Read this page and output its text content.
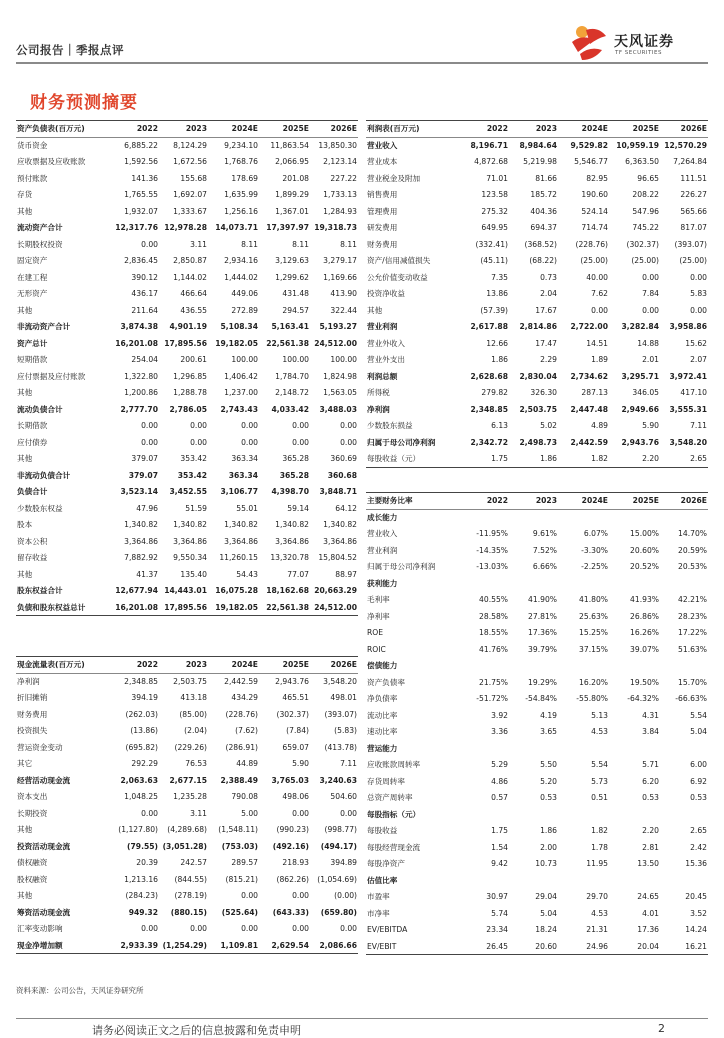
公司报告｜季报点评	天风证券
TF SECURITIES
财务预测摘要
资产负债表(百万元)	2022	2023	2024E	2025E	2026E
货币资金	6,885.22	8,124.29	9,234.10	11,863.54	13,850.30
应收票据及应收账款	1,592.56	1,672.56	1,768.76	2,066.95	2,123.14
预付账款	141.36	155.68	178.69	201.08	227.22
存货	1,765.55	1,692.07	1,635.99	1,899.29	1,733.13
其他	1,932.07	1,333.67	1,256.16	1,367.01	1,284.93
流动资产合计	12,317.76	12,978.28	14,073.71	17,397.97	19,318.73
长期股权投资	0.00	3.11	8.11	8.11	8.11
固定资产	2,836.45	2,850.87	2,934.16	3,129.63	3,279.17
在建工程	390.12	1,144.02	1,444.02	1,299.62	1,169.66
无形资产	436.17	466.64	449.06	431.48	413.90
其他	211.64	436.55	272.89	294.57	322.44
非流动资产合计	3,874.38	4,901.19	5,108.34	5,163.41	5,193.27
资产总计	16,201.08	17,895.56	19,182.05	22,561.38	24,512.00
短期借款	254.04	200.61	100.00	100.00	100.00
应付票据及应付账款	1,322.80	1,296.85	1,406.42	1,784.70	1,824.98
其他	1,200.86	1,288.78	1,237.00	2,148.72	1,563.05
流动负债合计	2,777.70	2,786.05	2,743.43	4,033.42	3,488.03
长期借款	0.00	0.00	0.00	0.00	0.00
应付债券	0.00	0.00	0.00	0.00	0.00
其他	379.07	353.42	363.34	365.28	360.69
非流动负债合计	379.07	353.42	363.34	365.28	360.68
负债合计	3,523.14	3,452.55	3,106.77	4,398.70	3,848.71
少数股东权益	47.96	51.59	55.01	59.14	64.12
股本	1,340.82	1,340.82	1,340.82	1,340.82	1,340.82
资本公积	3,364.86	3,364.86	3,364.86	3,364.86	3,364.86
留存收益	7,882.92	9,550.34	11,260.15	13,320.78	15,804.52
其他	41.37	135.40	54.43	77.07	88.97
股东权益合计	12,677.94	14,443.01	16,075.28	18,162.68	20,663.29
负债和股东权益总计	16,201.08	17,895.56	19,182.05	22,561.38	24,512.00
利润表(百万元)	2022	2023	2024E	2025E	2026E
营业收入	8,196.71	8,984.64	9,529.82	10,959.19	12,570.29
营业成本	4,872.68	5,219.98	5,546.77	6,363.50	7,264.84
营业税金及附加	71.01	81.66	82.95	96.65	111.51
销售费用	123.58	185.72	190.60	208.22	226.27
管理费用	275.32	404.36	524.14	547.96	565.66
研发费用	649.95	694.37	714.74	745.22	817.07
财务费用	(332.41)	(368.52)	(228.76)	(302.37)	(393.07)
资产/信用减值损失	(45.11)	(68.22)	(25.00)	(25.00)	(25.00)
公允价值变动收益	7.35	0.73	40.00	0.00	0.00
投资净收益	13.86	2.04	7.62	7.84	5.83
其他	(57.39)	17.67	0.00	0.00	0.00
营业利润	2,617.88	2,814.86	2,722.00	3,282.84	3,958.86
营业外收入	12.66	17.47	14.51	14.88	15.62
营业外支出	1.86	2.29	1.89	2.01	2.07
利润总额	2,628.68	2,830.04	2,734.62	3,295.71	3,972.41
所得税	279.82	326.30	287.13	346.05	417.10
净利润	2,348.85	2,503.75	2,447.48	2,949.66	3,555.31
少数股东损益	6.13	5.02	4.89	5.90	7.11
归属于母公司净利润	2,342.72	2,498.73	2,442.59	2,943.76	3,548.20
每股收益（元）	1.75	1.86	1.82	2.20	2.65
主要财务比率	2022	2023	2024E	2025E	2026E
成长能力					
营业收入	-11.95%	9.61%	6.07%	15.00%	14.70%
营业利润	-14.35%	7.52%	-3.30%	20.60%	20.59%
归属于母公司净利润	-13.03%	6.66%	-2.25%	20.52%	20.53%
获利能力					
毛利率	40.55%	41.90%	41.80%	41.93%	42.21%
净利率	28.58%	27.81%	25.63%	26.86%	28.23%
ROE	18.55%	17.36%	15.25%	16.26%	17.22%
ROIC	41.76%	39.79%	37.15%	39.07%	51.63%
偿债能力					
资产负债率	21.75%	19.29%	16.20%	19.50%	15.70%
净负债率	-51.72%	-54.84%	-55.80%	-64.32%	-66.63%
流动比率	3.92	4.19	5.13	4.31	5.54
速动比率	3.36	3.65	4.53	3.84	5.04
营运能力					
应收账款周转率	5.29	5.50	5.54	5.71	6.00
存货周转率	4.86	5.20	5.73	6.20	6.92
总资产周转率	0.57	0.53	0.51	0.53	0.53
每股指标（元）					
每股收益	1.75	1.86	1.82	2.20	2.65
每股经营现金流	1.54	2.00	1.78	2.81	2.42
每股净资产	9.42	10.73	11.95	13.50	15.36
估值比率					
市盈率	30.97	29.04	29.70	24.65	20.45
市净率	5.74	5.04	4.53	4.01	3.52
EV/EBITDA	23.34	18.24	21.31	17.36	14.24
EV/EBIT	26.45	20.60	24.96	20.04	16.21
现金流量表(百万元)	2022	2023	2024E	2025E	2026E
净利润	2,348.85	2,503.75	2,442.59	2,943.76	3,548.20
折旧摊销	394.19	413.18	434.29	465.51	498.01
财务费用	(262.03)	(85.00)	(228.76)	(302.37)	(393.07)
投资损失	(13.86)	(2.04)	(7.62)	(7.84)	(5.83)
营运资金变动	(695.82)	(229.26)	(286.91)	659.07	(413.78)
其它	292.29	76.53	44.89	5.90	7.11
经营活动现金流	2,063.63	2,677.15	2,388.49	3,765.03	3,240.63
资本支出	1,048.25	1,235.28	790.08	498.06	504.60
长期投资	0.00	3.11	5.00	0.00	0.00
其他	(1,127.80)	(4,289.68)	(1,548.11)	(990.23)	(998.77)
投资活动现金流	(79.55)	(3,051.28)	(753.03)	(492.16)	(494.17)
债权融资	20.39	242.57	289.57	218.93	394.89
股权融资	1,213.16	(844.55)	(815.21)	(862.26)	(1,054.69)
其他	(284.23)	(278.19)	0.00	0.00	(0.00)
筹资活动现金流	949.32	(880.15)	(525.64)	(643.33)	(659.80)
汇率变动影响	0.00	0.00	0.00	0.00	0.00
现金净增加额	2,933.39	(1,254.29)	1,109.81	2,629.54	2,086.66
资料来源：公司公告，天风证券研究所
请务必阅读正文之后的信息披露和免责申明	2
